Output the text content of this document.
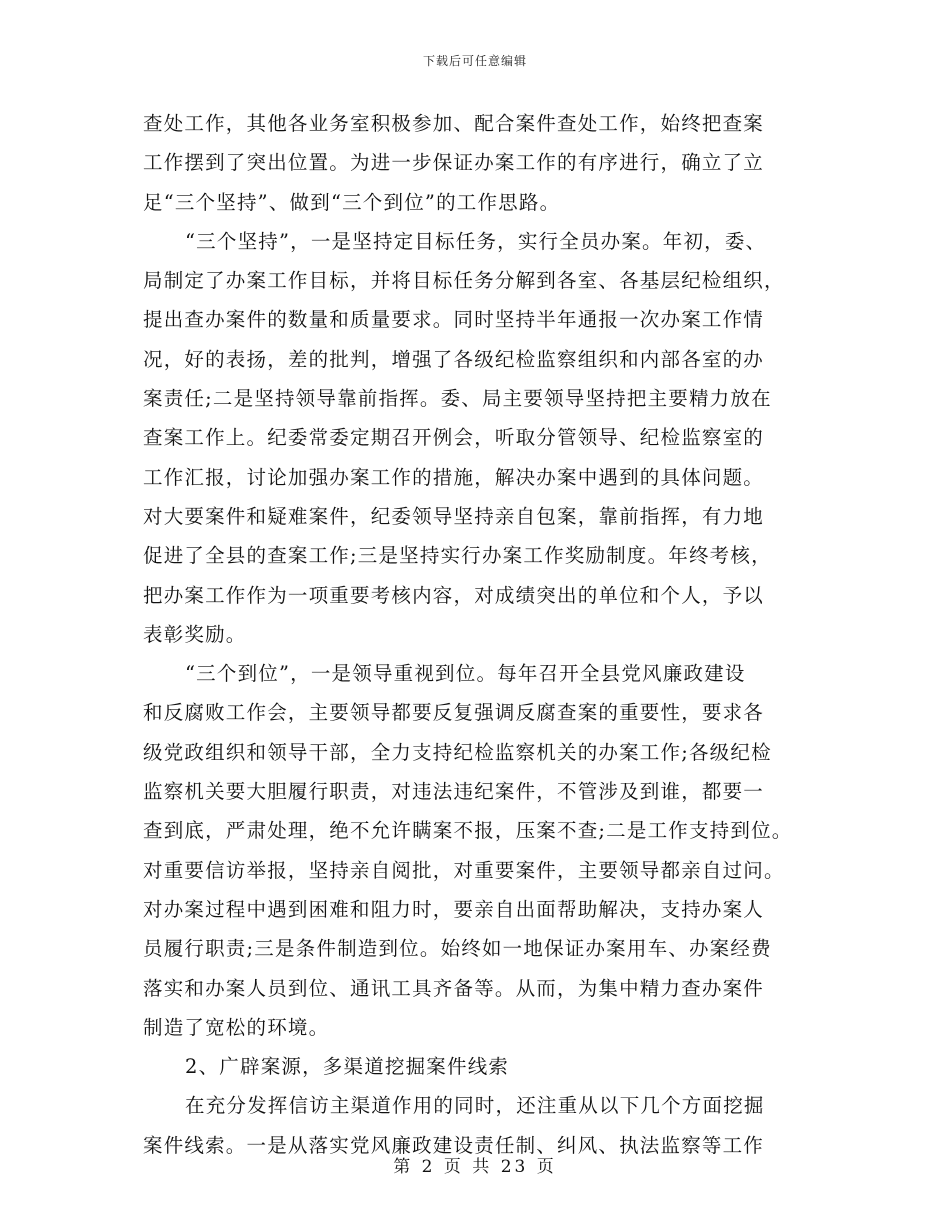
下载后可任意编辑
查处工作，其他各业务室积极参加、配合案件查处工作，始终把查案
工作摆到了突出位置。为进一步保证办案工作的有序进行，确立了立
足“三个坚持”、做到“三个到位”的工作思路。
“三个坚持”，一是坚持定目标任务，实行全员办案。年初，委、
局制定了办案工作目标，并将目标任务分解到各室、各基层纪检组织，
提出查办案件的数量和质量要求。同时坚持半年通报一次办案工作情
况，好的表扬，差的批判，增强了各级纪检监察组织和内部各室的办
案责任;二是坚持领导靠前指挥。委、局主要领导坚持把主要精力放在
查案工作上。纪委常委定期召开例会，听取分管领导、纪检监察室的
工作汇报，讨论加强办案工作的措施，解决办案中遇到的具体问题。
对大要案件和疑难案件，纪委领导坚持亲自包案，靠前指挥，有力地
促进了全县的查案工作;三是坚持实行办案工作奖励制度。年终考核，
把办案工作作为一项重要考核内容，对成绩突出的单位和个人，予以
表彰奖励。
“三个到位”，一是领导重视到位。每年召开全县党风廉政建设
和反腐败工作会，主要领导都要反复强调反腐查案的重要性，要求各
级党政组织和领导干部，全力支持纪检监察机关的办案工作;各级纪检
监察机关要大胆履行职责，对违法违纪案件，不管涉及到谁，都要一
查到底，严肃处理，绝不允许瞒案不报，压案不查;二是工作支持到位。
对重要信访举报，坚持亲自阅批，对重要案件，主要领导都亲自过问。
对办案过程中遇到困难和阻力时，要亲自出面帮助解决，支持办案人
员履行职责;三是条件制造到位。始终如一地保证办案用车、办案经费
落实和办案人员到位、通讯工具齐备等。从而，为集中精力查办案件
制造了宽松的环境。
2、广辟案源，多渠道挖掘案件线索
在充分发挥信访主渠道作用的同时，还注重从以下几个方面挖掘
案件线索。一是从落实党风廉政建设责任制、纠风、执法监察等工作
第 2 页 共 23 页
